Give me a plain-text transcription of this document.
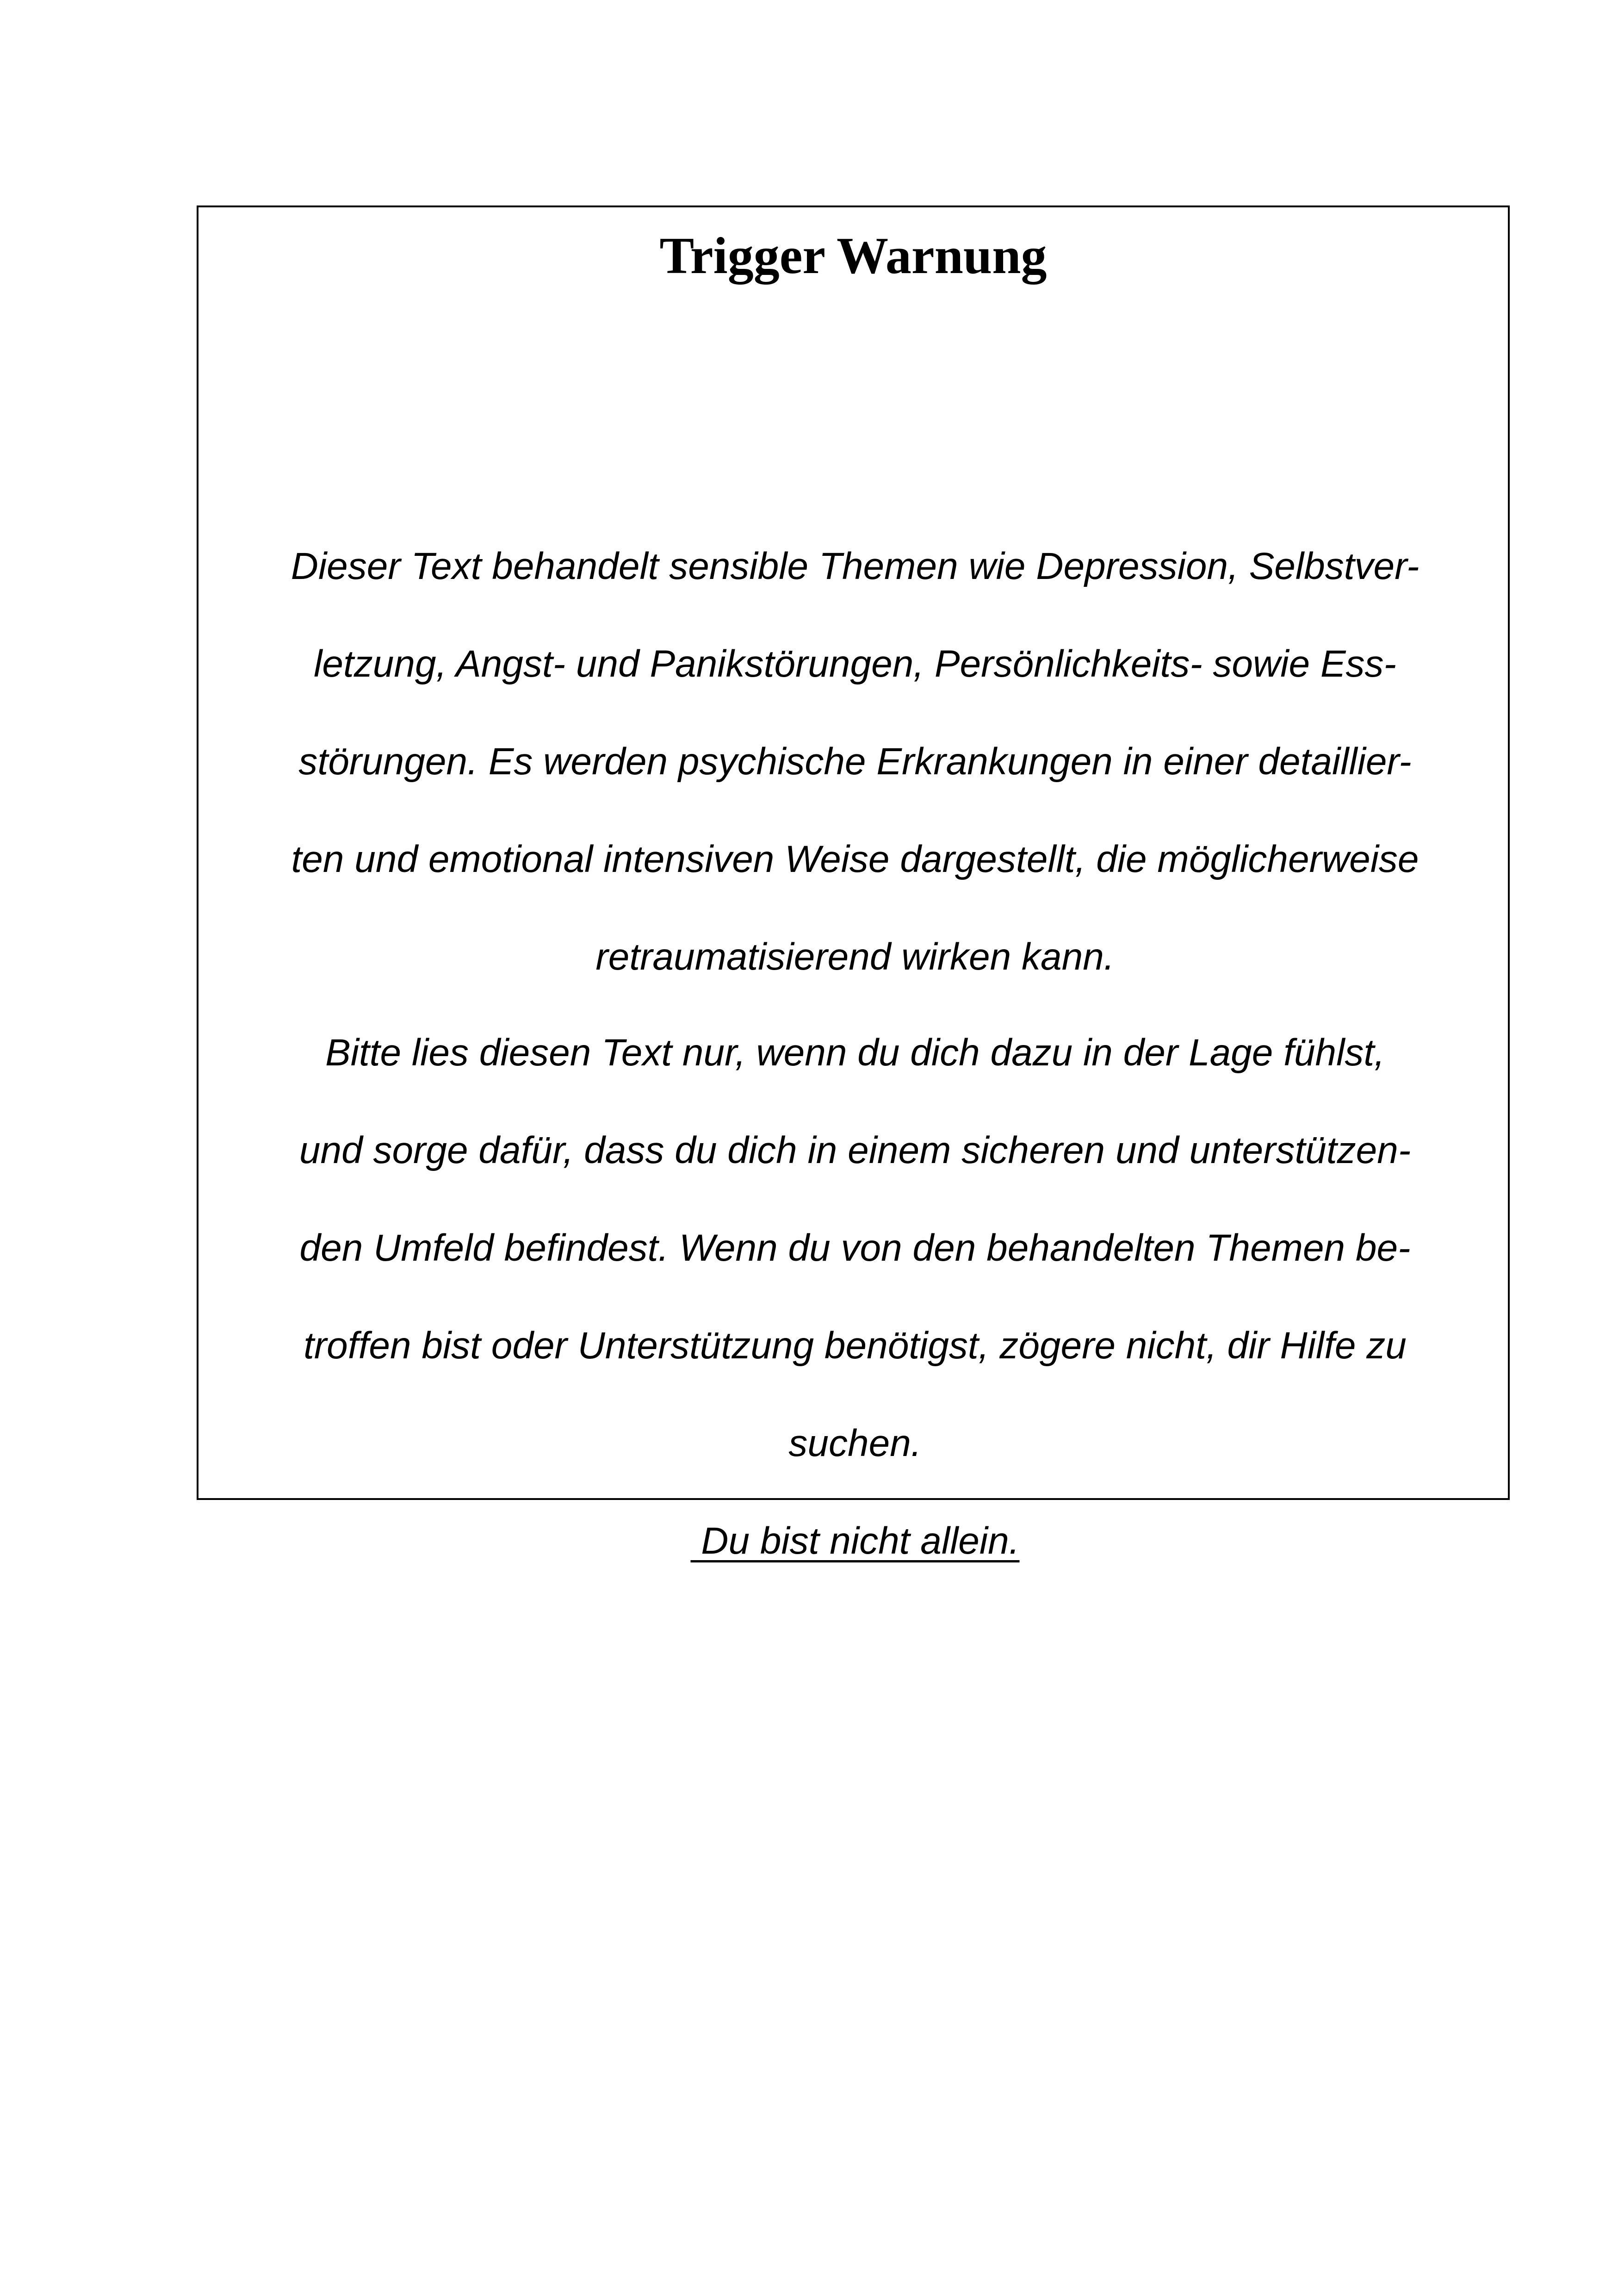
Trigger Warnung

Dieser Text behandelt sensible Themen wie Depression, Selbstver-
letzung, Angst- und Panikstörungen, Persönlichkeits- sowie Ess-
störungen. Es werden psychische Erkrankungen in einer detaillier-
ten und emotional intensiven Weise dargestellt, die möglicherweise
retraumatisierend wirken kann.

Bitte lies diesen Text nur, wenn du dich dazu in der Lage fühlst,
und sorge dafür, dass du dich in einem sicheren und unterstützen-
den Umfeld befindest. Wenn du von den behandelten Themen be-
troffen bist oder Unterstützung benötigst, zögere nicht, dir Hilfe zu
suchen.
Du bist nicht allein.
